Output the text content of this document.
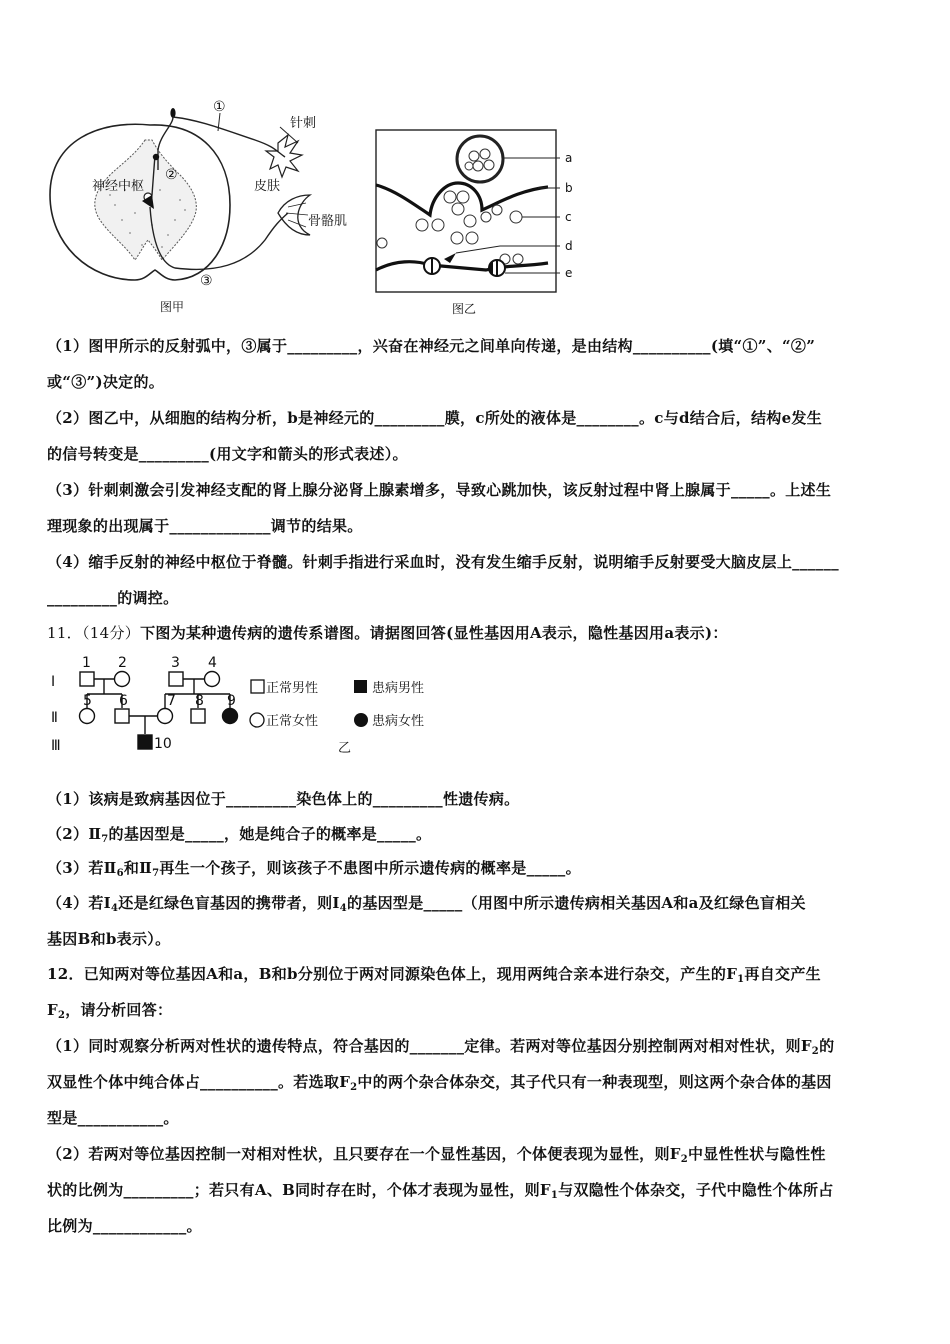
①
②
③
神经中枢
针刺
皮肤
骨骼肌
图甲
a
b
c
d
e
图乙
（1）图甲所示的反射弧中，③属于_________，兴奋在神经元之间单向传递，是由结构__________(填“①”、“②”
或“③”)决定的。
（2）图乙中，从细胞的结构分析，b是神经元的_________膜，c所处的液体是________。c与d结合后，结构e发生
的信号转变是_________(用文字和箭头的形式表述）。
（3）针刺刺激会引发神经支配的肾上腺分泌肾上腺素增多，导致心跳加快，该反射过程中肾上腺属于_____。上述生
理现象的出现属于_____________调节的结果。
（4）缩手反射的神经中枢位于脊髓。针刺手指进行采血时，没有发生缩手反射，说明缩手反射要受大脑皮层上______
_________的调控。
11．（14分）下图为某种遗传病的遗传系谱图。请据图回答(显性基因用A表示，隐性基因用a表示)：
Ⅰ
Ⅱ
Ⅲ
1 2	3 4
5 6	7 8 9
10
正常男性	患病男性
正常女性	患病女性
乙
（1）该病是致病基因位于_________染色体上的_________性遗传病。
$(2)Ⅱ_7$的基因型是_____，她是纯合子的概率是_____。
（3）若$Ⅱ_6$和$Ⅱ_7$再生一个孩子，则该孩子不患图中所示遗传病的概率是_____。
（4）若$I_4$还是红绿色盲基因的携带者，则$I_4$的基因型是_____（用图中所示遗传病相关基因A和a及红绿色盲相关
基因B和b表示）。
12．已知两对等位基因A和a，B和b分别位于两对同源染色体上，现用两纯合亲本进行杂交，产生的$F_1$再自交产生
$F_2$，请分析回答：
（1）同时观察分析两对性状的遗传特点，符合基因的_______定律。若两对等位基因分别控制两对相对性状，则$F_2$的
双显性个体中纯合体占__________。若选取$F_2$中的两个杂合体杂交，其子代只有一种表现型，则这两个杂合体的基因
型是___________。
（2）若两对等位基因控制一对相对性状，且只要存在一个显性基因，个体便表现为显性，则$F_2$中显性性状与隐性性
状的比例为_________；若只有A、B同时存在时，个体才表现为显性，则$F_1$与双隐性个体杂交，子代中隐性个体所占
比例为____________。
